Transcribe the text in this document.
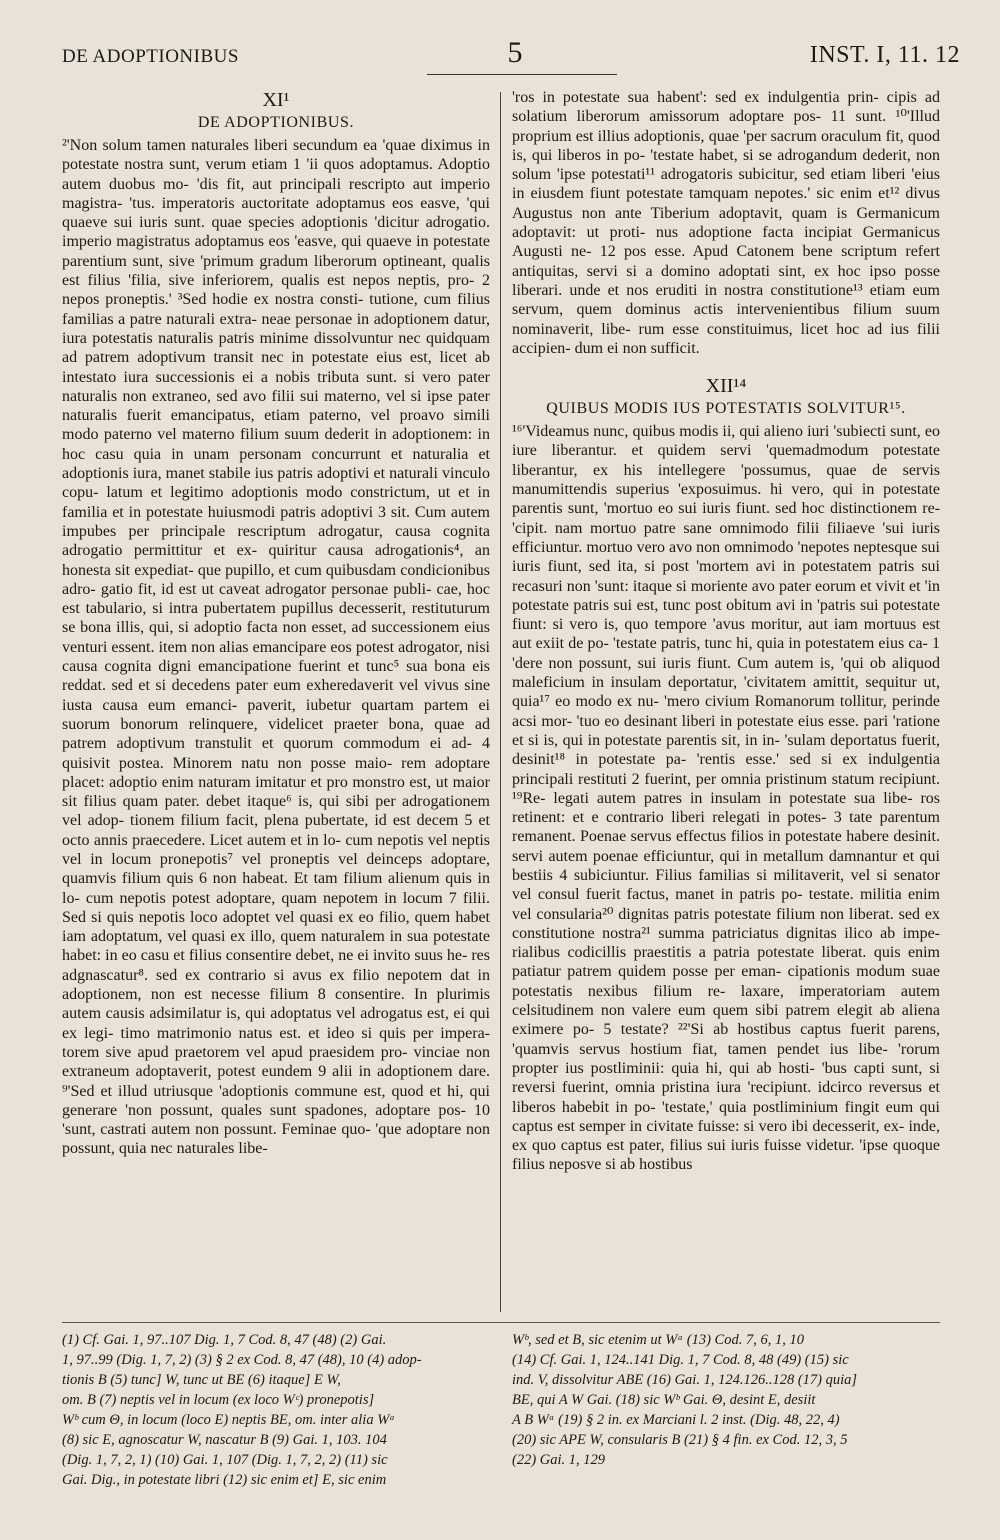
DE ADOPTIONIBUS	5	INST. I, 11. 12
XI¹
DE ADOPTIONIBUS.

²'Non solum tamen naturales liberi secundum ea 'quae diximus in potestate nostra sunt, verum etiam 1 'ii quos adoptamus. Adoptio autem duobus mo- 'dis fit, aut principali rescripto aut imperio magistra- 'tus. imperatoris auctoritate adoptamus eos easve, 'qui quaeve sui iuris sunt. quae species adoptionis 'dicitur adrogatio. imperio magistratus adoptamus eos 'easve, qui quaeve in potestate parentium sunt, sive 'primum gradum liberorum optineant, qualis est filius 'filia, sive inferiorem, qualis est nepos neptis, pro- 2 nepos proneptis.' ³Sed hodie ex nostra consti- tutione, cum filius familias a patre naturali extra- neae personae in adoptionem datur, iura potestatis naturalis patris minime dissolvuntur nec quidquam ad patrem adoptivum transit nec in potestate eius est, licet ab intestato iura successionis ei a nobis tributa sunt. si vero pater naturalis non extraneo, sed avo filii sui materno, vel si ipse pater naturalis fuerit emancipatus, etiam paterno, vel proavo simili modo paterno vel materno filium suum dederit in adoptionem: in hoc casu quia in unam personam concurrunt et naturalia et adoptionis iura, manet stabile ius patris adoptivi et naturali vinculo copu- latum et legitimo adoptionis modo constrictum, ut et in familia et in potestate huiusmodi patris adoptivi 3 sit. Cum autem impubes per principale rescriptum adrogatur, causa cognita adrogatio permittitur et ex- quiritur causa adrogationis⁴, an honesta sit expediat- que pupillo, et cum quibusdam condicionibus adro- gatio fit, id est ut caveat adrogator personae publi- cae, hoc est tabulario, si intra pubertatem pupillus decesserit, restituturum se bona illis, qui, si adoptio facta non esset, ad successionem eius venturi essent. item non alias emancipare eos potest adrogator, nisi causa cognita digni emancipatione fuerint et tunc⁵ sua bona eis reddat. sed et si decedens pater eum exheredaverit vel vivus sine iusta causa eum emanci- paverit, iubetur quartam partem ei suorum bonorum relinquere, videlicet praeter bona, quae ad patrem adoptivum transtulit et quorum commodum ei ad- 4 quisivit postea. Minorem natu non posse maio- rem adoptare placet: adoptio enim naturam imitatur et pro monstro est, ut maior sit filius quam pater. debet itaque⁶ is, qui sibi per adrogationem vel adop- tionem filium facit, plena pubertate, id est decem 5 et octo annis praecedere. Licet autem et in lo- cum nepotis vel neptis vel in locum pronepotis⁷ vel proneptis vel deinceps adoptare, quamvis filium quis 6 non habeat. Et tam filium alienum quis in lo- cum nepotis potest adoptare, quam nepotem in locum 7 filii. Sed si quis nepotis loco adoptet vel quasi ex eo filio, quem habet iam adoptatum, vel quasi ex illo, quem naturalem in sua potestate habet: in eo casu et filius consentire debet, ne ei invito suus he- res adgnascatur⁸. sed ex contrario si avus ex filio nepotem dat in adoptionem, non est necesse filium 8 consentire. In plurimis autem causis adsimilatur is, qui adoptatus vel adrogatus est, ei qui ex legi- timo matrimonio natus est. et ideo si quis per impera- torem sive apud praetorem vel apud praesidem pro- vinciae non extraneum adoptaverit, potest eundem 9 alii in adoptionem dare. ⁹'Sed et illud utriusque 'adoptionis commune est, quod et hi, qui generare 'non possunt, quales sunt spadones, adoptare pos- 10 'sunt, castrati autem non possunt. Feminae quo- 'que adoptare non possunt, quia nec naturales libe-

'ros in potestate sua habent': sed ex indulgentia prin- cipis ad solatium liberorum amissorum adoptare pos- 11 sunt. ¹⁰'Illud proprium est illius adoptionis, quae 'per sacrum oraculum fit, quod is, qui liberos in po- 'testate habet, si se adrogandum dederit, non solum 'ipse potestati¹¹ adrogatoris subicitur, sed etiam liberi 'eius in eiusdem fiunt potestate tamquam nepotes.' sic enim et¹² divus Augustus non ante Tiberium adoptavit, quam is Germanicum adoptavit: ut proti- nus adoptione facta incipiat Germanicus Augusti ne- 12 pos esse. Apud Catonem bene scriptum refert antiquitas, servi si a domino adoptati sint, ex hoc ipso posse liberari. unde et nos eruditi in nostra constitutione¹³ etiam eum servum, quem dominus actis intervenientibus filium suum nominaverit, libe- rum esse constituimus, licet hoc ad ius filii accipien- dum ei non sufficit.

XII¹⁴
QUIBUS MODIS IUS POTESTATIS SOLVITUR¹⁵.

¹⁶'Videamus nunc, quibus modis ii, qui alieno iuri 'subiecti sunt, eo iure liberantur. et quidem servi 'quemadmodum potestate liberantur, ex his intellegere 'possumus, quae de servis manumittendis superius 'exposuimus. hi vero, qui in potestate parentis sunt, 'mortuo eo sui iuris fiunt. sed hoc distinctionem re- 'cipit. nam mortuo patre sane omnimodo filii filiaeve 'sui iuris efficiuntur. mortuo vero avo non omnimodo 'nepotes neptesque sui iuris fiunt, sed ita, si post 'mortem avi in potestatem patris sui recasuri non 'sunt: itaque si moriente avo pater eorum et vivit et 'in potestate patris sui est, tunc post obitum avi in 'patris sui potestate fiunt: si vero is, quo tempore 'avus moritur, aut iam mortuus est aut exiit de po- 'testate patris, tunc hi, quia in potestatem eius ca- 1 'dere non possunt, sui iuris fiunt. Cum autem is, 'qui ob aliquod maleficium in insulam deportatur, 'civitatem amittit, sequitur ut, quia¹⁷ eo modo ex nu- 'mero civium Romanorum tollitur, perinde acsi mor- 'tuo eo desinant liberi in potestate eius esse. pari 'ratione et si is, qui in potestate parentis sit, in in- 'sulam deportatus fuerit, desinit¹⁸ in potestate pa- 'rentis esse.' sed si ex indulgentia principali restituti 2 fuerint, per omnia pristinum statum recipiunt. ¹⁹Re- legati autem patres in insulam in potestate sua libe- ros retinent: et e contrario liberi relegati in potes- 3 tate parentum remanent. Poenae servus effectus filios in potestate habere desinit. servi autem poenae efficiuntur, qui in metallum damnantur et qui bestiis 4 subiciuntur. Filius familias si militaverit, vel si senator vel consul fuerit factus, manet in patris po- testate. militia enim vel consularia²⁰ dignitas patris potestate filium non liberat. sed ex constitutione nostra²¹ summa patriciatus dignitas ilico ab impe- rialibus codicillis praestitis a patria potestate liberat. quis enim patiatur patrem quidem posse per eman- cipationis modum suae potestatis nexibus filium re- laxare, imperatoriam autem celsitudinem non valere eum quem sibi patrem elegit ab aliena eximere po- 5 testate? ²²'Si ab hostibus captus fuerit parens, 'quamvis servus hostium fiat, tamen pendet ius libe- 'rorum propter ius postliminii: quia hi, qui ab hosti- 'bus capti sunt, si reversi fuerint, omnia pristina iura 'recipiunt. idcirco reversus et liberos habebit in po- 'testate,' quia postliminium fingit eum qui captus est semper in civitate fuisse: si vero ibi decesserit, ex- inde, ex quo captus est pater, filius sui iuris fuisse videtur. 'ipse quoque filius neposve si ab hostibus

(1) Cf. Gai. 1, 97..107 Dig. 1, 7 Cod. 8, 47 (48) (2) Gai.

1, 97..99 (Dig. 1, 7, 2) (3) § 2 ex Cod. 8, 47 (48), 10 (4) adop-

tionis B (5) tunc] W, tunc ut BE (6) itaque] E W,

om. B (7) neptis vel in locum (ex loco Wᶜ) pronepotis]

Wᵇ cum Θ, in locum (loco E) neptis BE, om. inter alia Wᵃ

(8) sic E, agnoscatur W, nascatur B (9) Gai. 1, 103. 104

(Dig. 1, 7, 2, 1) (10) Gai. 1, 107 (Dig. 1, 7, 2, 2) (11) sic

Gai. Dig., in potestate libri (12) sic enim et] E, sic enim

Wᵇ, sed et B, sic etenim ut Wᵃ (13) Cod. 7, 6, 1, 10

(14) Cf. Gai. 1, 124..141 Dig. 1, 7 Cod. 8, 48 (49) (15) sic

ind. V, dissolvitur ABE (16) Gai. 1, 124.126..128 (17) quia]

BE, qui A W Gai. (18) sic Wᵇ Gai. Θ, desint E, desiit

A B Wᵃ (19) § 2 in. ex Marciani l. 2 inst. (Dig. 48, 22, 4)

(20) sic APE W, consularis B (21) § 4 fin. ex Cod. 12, 3, 5

(22) Gai. 1, 129
